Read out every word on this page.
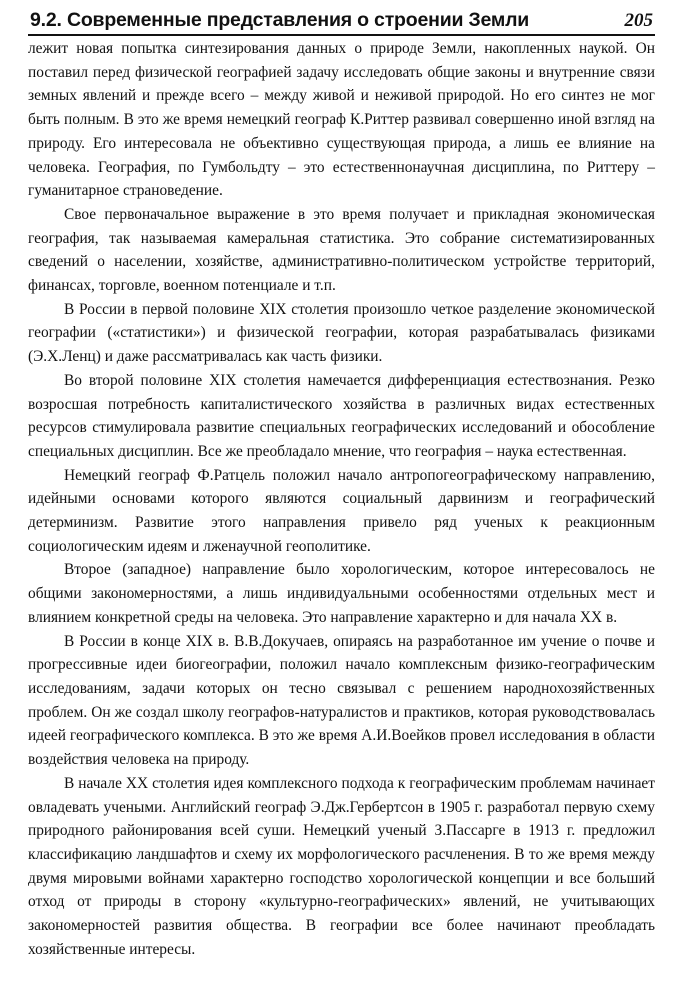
9.2. Современные представления о строении Земли	205

лежит новая попытка синтезирования данных о природе Земли, накопленных наукой. Он поставил перед физической географией задачу исследовать общие законы и внутренние связи земных явлений и прежде всего – между живой и неживой природой. Но его синтез не мог быть полным. В это же время немецкий географ К.Риттер развивал совершенно иной взгляд на природу. Его интересовала не объективно существующая природа, а лишь ее влияние на человека. География, по Гумбольдту – это естественнонаучная дисциплина, по Риттеру – гуманитарное страноведение.

Свое первоначальное выражение в это время получает и прикладная экономическая география, так называемая камеральная статистика. Это собрание систематизированных сведений о населении, хозяйстве, административно-политическом устройстве территорий, финансах, торговле, военном потенциале и т.п.

В России в первой половине XIX столетия произошло четкое разделение экономической географии («статистики») и физической географии, которая разрабатывалась физиками (Э.Х.Ленц) и даже рассматривалась как часть физики.

Во второй половине XIX столетия намечается дифференциация естествознания. Резко возросшая потребность капиталистического хозяйства в различных видах естественных ресурсов стимулировала развитие специальных географических исследований и обособление специальных дисциплин. Все же преобладало мнение, что география – наука естественная.

Немецкий географ Ф.Ратцель положил начало антропогеографическому направлению, идейными основами которого являются социальный дарвинизм и географический детерминизм. Развитие этого направления привело ряд ученых к реакционным социологическим идеям и лженаучной геополитике.

Второе (западное) направление было хорологическим, которое интересовалось не общими закономерностями, а лишь индивидуальными особенностями отдельных мест и влиянием конкретной среды на человека. Это направление характерно и для начала XX в.

В России в конце XIX в. В.В.Докучаев, опираясь на разработанное им учение о почве и прогрессивные идеи биогеографии, положил начало комплексным физико-географическим исследованиям, задачи которых он тесно связывал с решением народнохозяйственных проблем. Он же создал школу географов-натуралистов и практиков, которая руководствовалась идеей географического комплекса. В это же время А.И.Воейков провел исследования в области воздействия человека на природу.

В начале XX столетия идея комплексного подхода к географическим проблемам начинает овладевать учеными. Английский географ Э.Дж.Гербертсон в 1905 г. разработал первую схему природного районирования всей суши. Немецкий ученый З.Пассарге в 1913 г. предложил классификацию ландшафтов и схему их морфологического расчленения. В то же время между двумя мировыми войнами характерно господство хорологической концепции и все больший отход от природы в сторону «культурно-географических» явлений, не учитывающих закономерностей развития общества. В географии все более начинают преобладать хозяйственные интересы.
